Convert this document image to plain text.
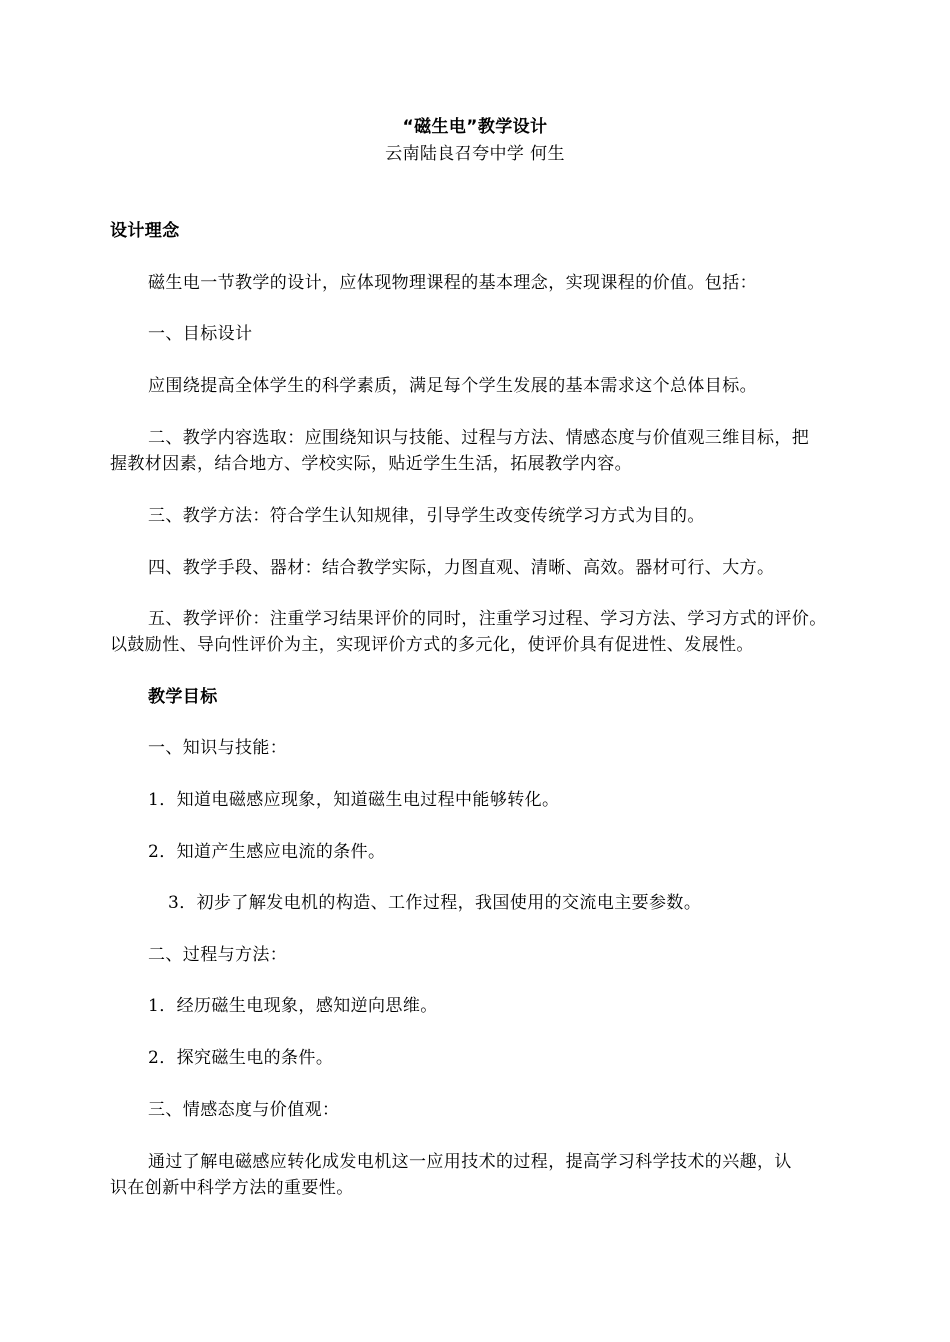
“磁生电”教学设计
云南陆良召夸中学 何生
设计理念
磁生电一节教学的设计，应体现物理课程的基本理念，实现课程的价值。包括：
一、目标设计
应围绕提高全体学生的科学素质，满足每个学生发展的基本需求这个总体目标。
二、教学内容选取：应围绕知识与技能、过程与方法、情感态度与价值观三维目标，把
握教材因素，结合地方、学校实际，贴近学生生活，拓展教学内容。
三、教学方法：符合学生认知规律，引导学生改变传统学习方式为目的。
四、教学手段、器材：结合教学实际，力图直观、清晰、高效。器材可行、大方。
五、教学评价：注重学习结果评价的同时，注重学习过程、学习方法、学习方式的评价。
以鼓励性、导向性评价为主，实现评价方式的多元化，使评价具有促进性、发展性。
教学目标
一、知识与技能：
1．知道电磁感应现象，知道磁生电过程中能够转化。
2．知道产生感应电流的条件。
3．初步了解发电机的构造、工作过程，我国使用的交流电主要参数。
二、过程与方法：
1．经历磁生电现象，感知逆向思维。
2．探究磁生电的条件。
三、情感态度与价值观：
通过了解电磁感应转化成发电机这一应用技术的过程，提高学习科学技术的兴趣，认
识在创新中科学方法的重要性。
